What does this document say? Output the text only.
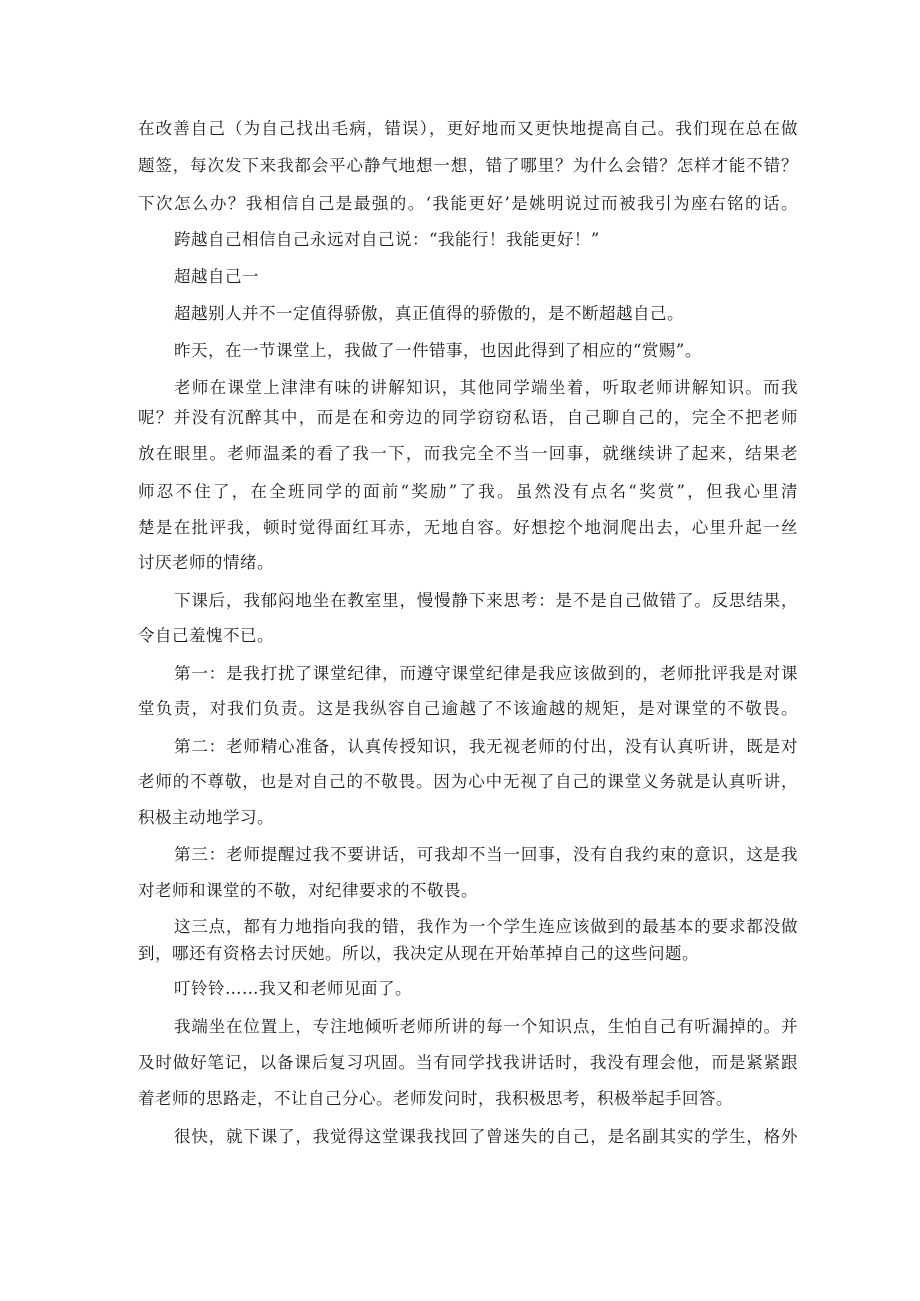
在改善自己（为自己找出毛病，错误），更好地而又更快地提高自己。我们现在总在做
题签，每次发下来我都会平心静气地想一想，错了哪里？为什么会错？怎样才能不错？
下次怎么办？我相信自己是最强的。‘我能更好’是姚明说过而被我引为座右铭的话。
跨越自己相信自己永远对自己说：“我能行！我能更好！”
超越自己一
超越别人并不一定值得骄傲，真正值得的骄傲的，是不断超越自己。
昨天，在一节课堂上，我做了一件错事，也因此得到了相应的“赏赐”。
老师在课堂上津津有味的讲解知识，其他同学端坐着，听取老师讲解知识。而我
呢？并没有沉醉其中，而是在和旁边的同学窃窃私语，自己聊自己的，完全不把老师
放在眼里。老师温柔的看了我一下，而我完全不当一回事，就继续讲了起来，结果老
师忍不住了，在全班同学的面前“奖励”了我。虽然没有点名“奖赏”，但我心里清
楚是在批评我，顿时觉得面红耳赤，无地自容。好想挖个地洞爬出去，心里升起一丝
讨厌老师的情绪。
下课后，我郁闷地坐在教室里，慢慢静下来思考：是不是自己做错了。反思结果，
令自己羞愧不已。
第一：是我打扰了课堂纪律，而遵守课堂纪律是我应该做到的，老师批评我是对课
堂负责，对我们负责。这是我纵容自己逾越了不该逾越的规矩，是对课堂的不敬畏。
第二：老师精心准备，认真传授知识，我无视老师的付出，没有认真听讲，既是对
老师的不尊敬，也是对自己的不敬畏。因为心中无视了自己的课堂义务就是认真听讲，
积极主动地学习。
第三：老师提醒过我不要讲话，可我却不当一回事，没有自我约束的意识，这是我
对老师和课堂的不敬，对纪律要求的不敬畏。
这三点，都有力地指向我的错，我作为一个学生连应该做到的最基本的要求都没做
到，哪还有资格去讨厌她。所以，我决定从现在开始革掉自己的这些问题。
叮铃铃……我又和老师见面了。
我端坐在位置上，专注地倾听老师所讲的每一个知识点，生怕自己有听漏掉的。并
及时做好笔记，以备课后复习巩固。当有同学找我讲话时，我没有理会他，而是紧紧跟
着老师的思路走，不让自己分心。老师发问时，我积极思考，积极举起手回答。
很快，就下课了，我觉得这堂课我找回了曾迷失的自己，是名副其实的学生，格外
